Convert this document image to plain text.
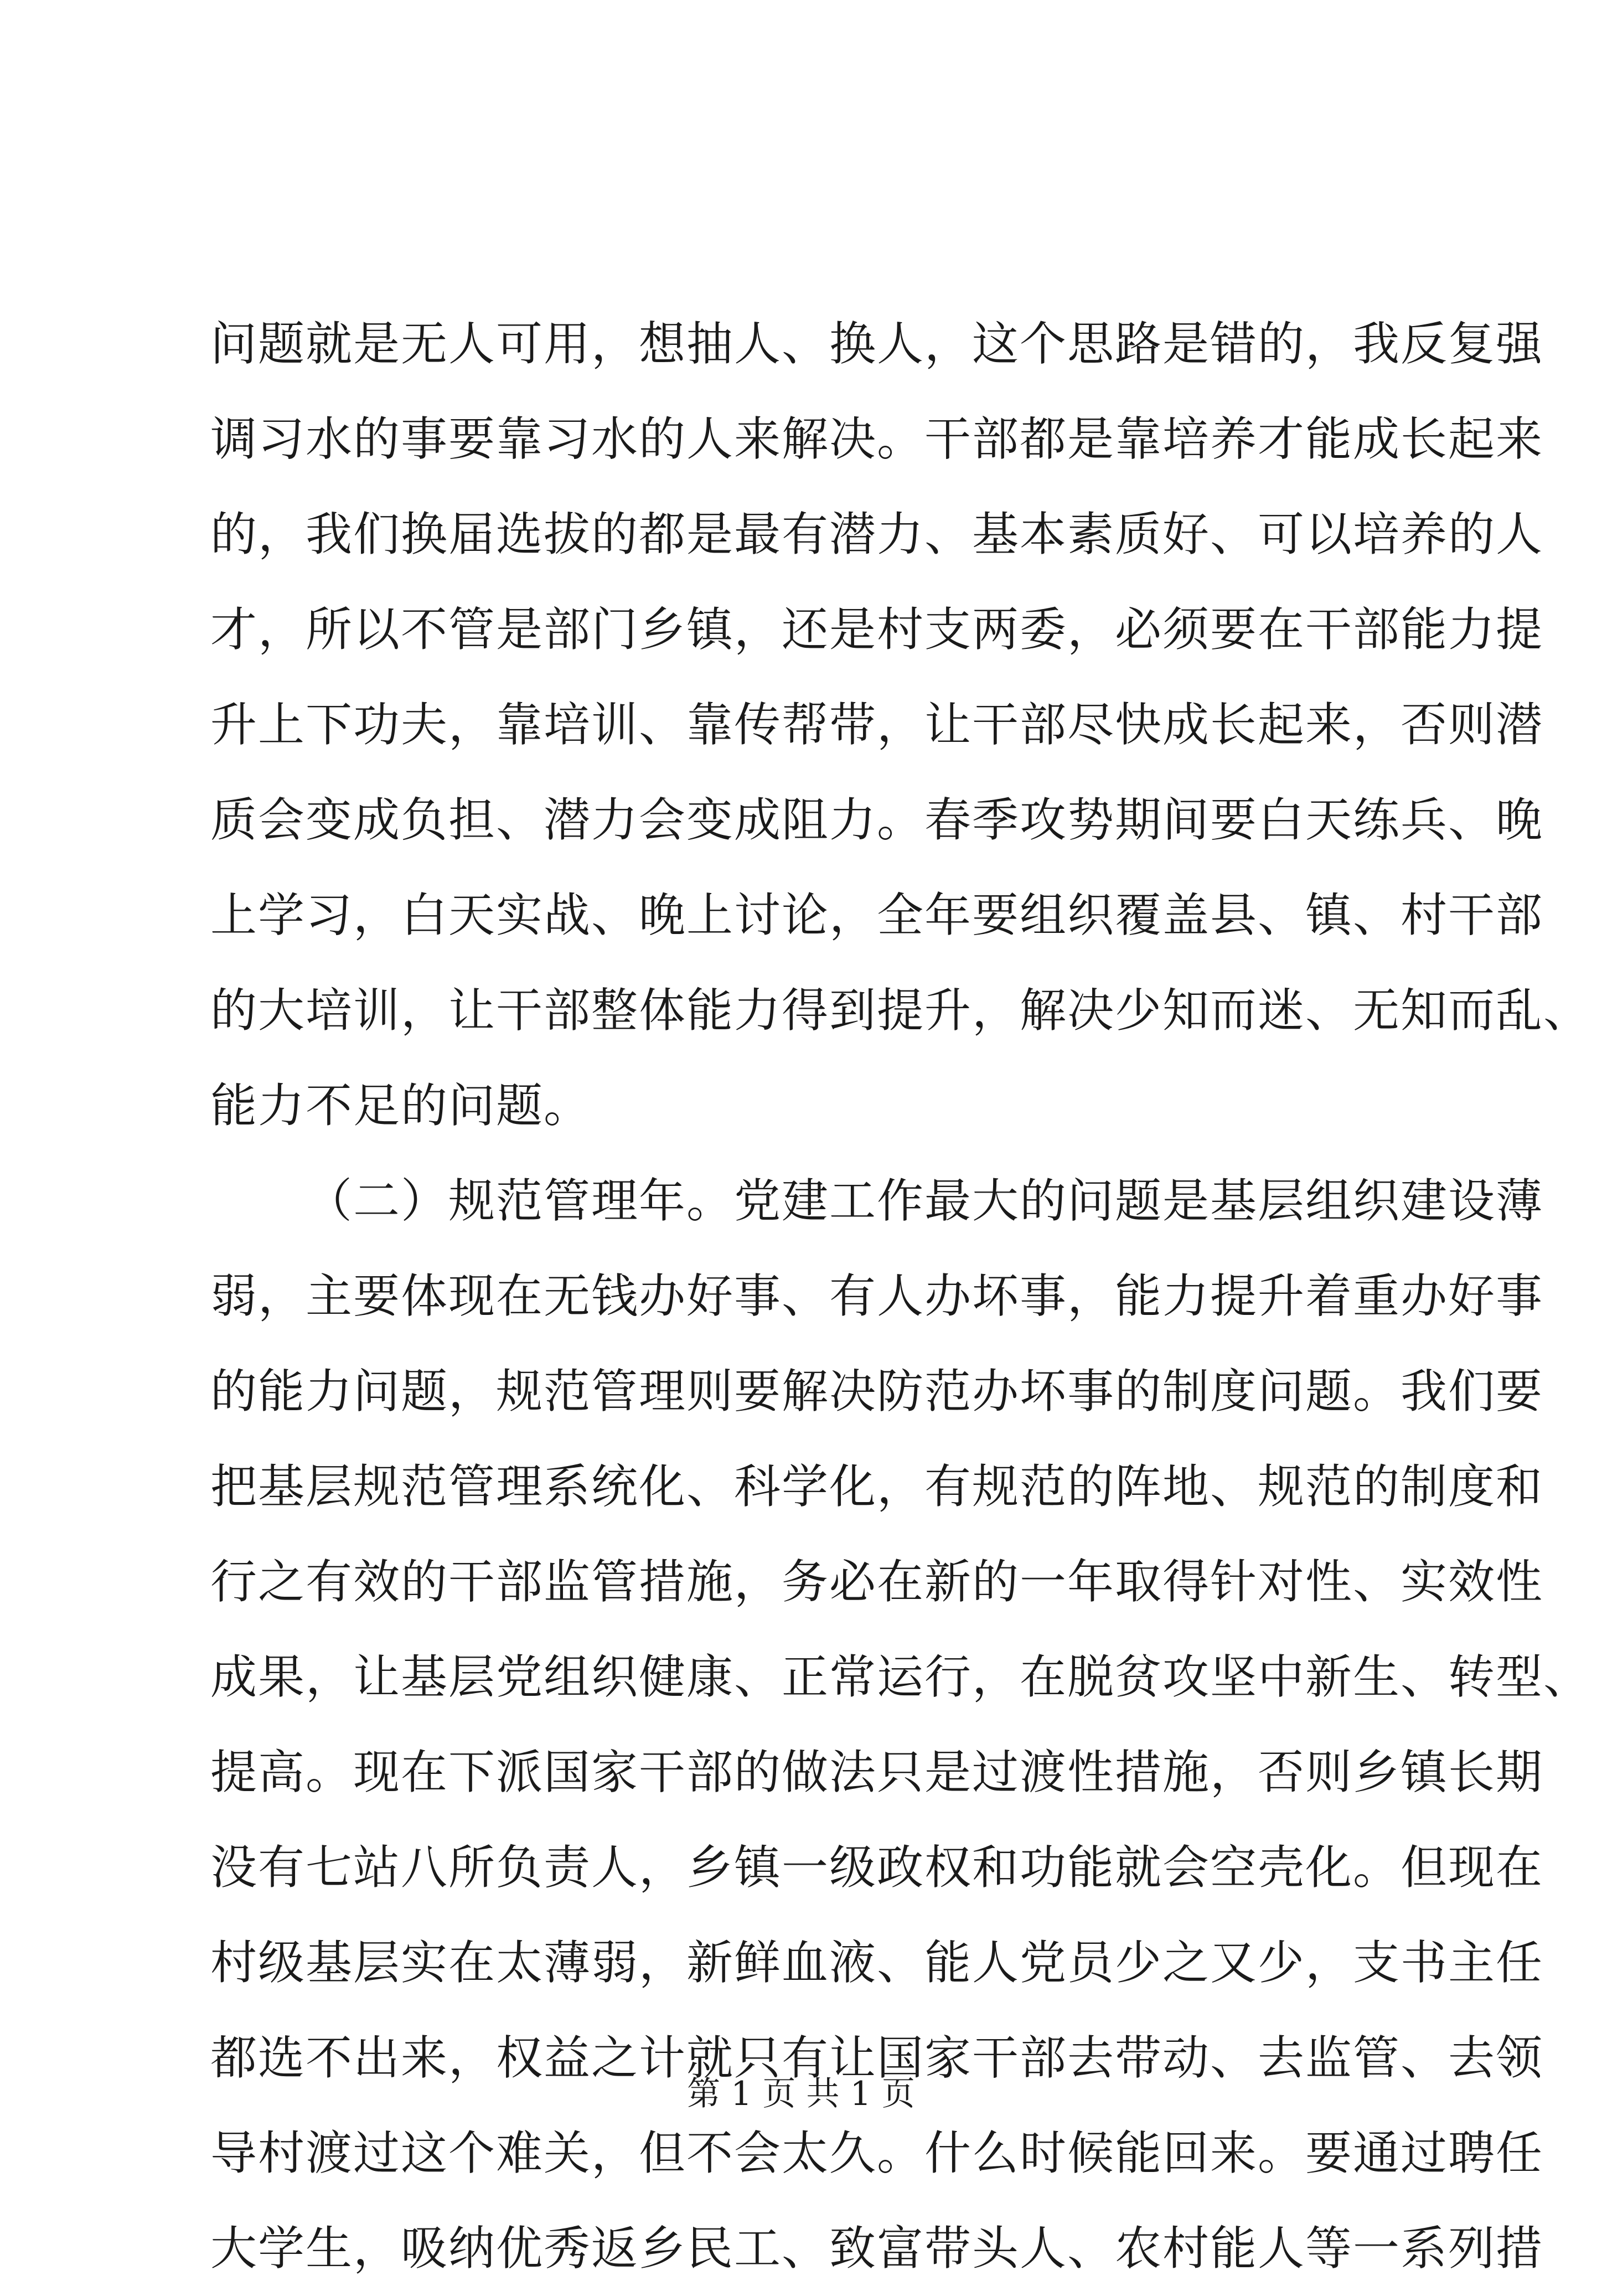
问题就是无人可用，想抽人、换人，这个思路是错的，我反复强
调习水的事要靠习水的人来解决。干部都是靠培养才能成长起来
的，我们换届选拔的都是最有潜力、基本素质好、可以培养的人
才，所以不管是部门乡镇，还是村支两委，必须要在干部能力提
升上下功夫，靠培训、靠传帮带，让干部尽快成长起来，否则潜
质会变成负担、潜力会变成阻力。春季攻势期间要白天练兵、晚
上学习，白天实战、晚上讨论，全年要组织覆盖县、镇、村干部
的大培训，让干部整体能力得到提升，解决少知而迷、无知而乱、
能力不足的问题。
（二）规范管理年。党建工作最大的问题是基层组织建设薄
弱，主要体现在无钱办好事、有人办坏事，能力提升着重办好事
的能力问题，规范管理则要解决防范办坏事的制度问题。我们要
把基层规范管理系统化、科学化，有规范的阵地、规范的制度和
行之有效的干部监管措施，务必在新的一年取得针对性、实效性
成果，让基层党组织健康、正常运行，在脱贫攻坚中新生、转型、
提高。现在下派国家干部的做法只是过渡性措施，否则乡镇长期
没有七站八所负责人，乡镇一级政权和功能就会空壳化。但现在
村级基层实在太薄弱，新鲜血液、能人党员少之又少，支书主任
都选不出来，权益之计就只有让国家干部去带动、去监管、去领
导村渡过这个难关，但不会太久。什么时候能回来。要通过聘任
大学生，吸纳优秀返乡民工、致富带头人、农村能人等一系列措
第 1 页 共 1 页
